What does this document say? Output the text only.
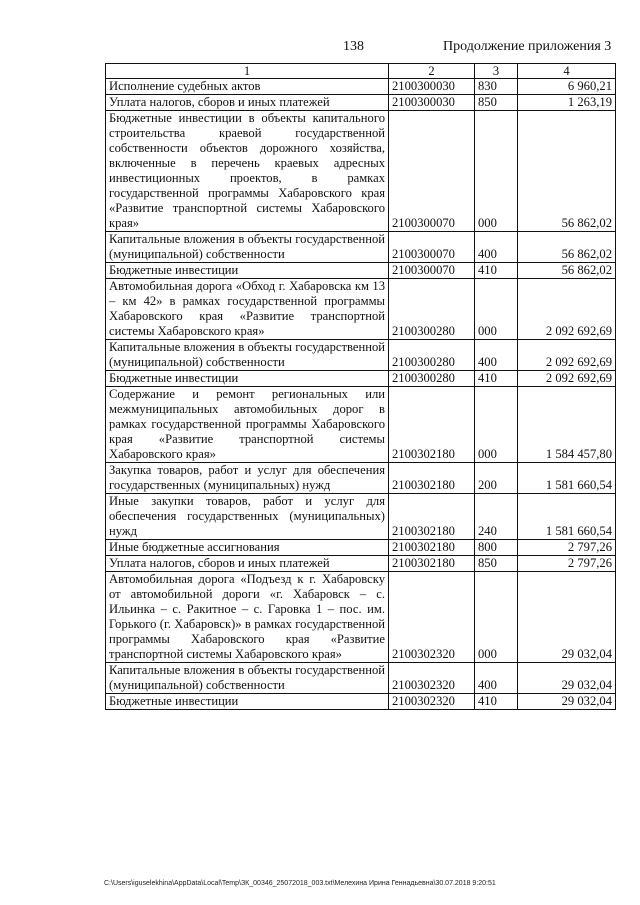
138	Продолжение приложения 3
1	2	3	4
Исполнение судебных актов	2100300030	830	6 960,21
Уплата налогов, сборов и иных платежей	2100300030	850	1 263,19
Бюджетные инвестиции в объекты капитального строительства краевой государственной собственности объектов дорожного хозяйства, включенные в перечень краевых адресных инвестиционных проектов, в рамках государственной программы Хабаровского края «Развитие транспортной системы Хабаровского края»	2100300070	000	56 862,02
Капитальные вложения в объекты государственной (муниципальной) собственности	2100300070	400	56 862,02
Бюджетные инвестиции	2100300070	410	56 862,02
Автомобильная дорога «Обход г. Хабаровска км 13 – км 42» в рамках государственной программы Хабаровского края «Развитие транспортной системы Хабаровского края»	2100300280	000	2 092 692,69
Капитальные вложения в объекты государственной (муниципальной) собственности	2100300280	400	2 092 692,69
Бюджетные инвестиции	2100300280	410	2 092 692,69
Содержание и ремонт региональных или межмуниципальных автомобильных дорог в рамках государственной программы Хабаровского края «Развитие транспортной системы Хабаровского края»	2100302180	000	1 584 457,80
Закупка товаров, работ и услуг для обеспечения государственных (муниципальных) нужд	2100302180	200	1 581 660,54
Иные закупки товаров, работ и услуг для обеспечения государственных (муниципальных) нужд	2100302180	240	1 581 660,54
Иные бюджетные ассигнования	2100302180	800	2 797,26
Уплата налогов, сборов и иных платежей	2100302180	850	2 797,26
Автомобильная дорога «Подъезд к г. Хабаровску от автомобильной дороги «г. Хабаровск – с. Ильинка – с. Ракитное – с. Гаровка 1 – пос. им. Горького (г. Хабаровск)» в рамках государственной программы Хабаровского края «Развитие транспортной системы Хабаровского края»	2100302320	000	29 032,04
Капитальные вложения в объекты государственной (муниципальной) собственности	2100302320	400	29 032,04
Бюджетные инвестиции	2100302320	410	29 032,04
C:\Users\iguselekhina\AppData\Local\Temp\ЗК_00346_25072018_003.txt\Мелехина Ирина Геннадьевна\30.07.2018 9:20:51
